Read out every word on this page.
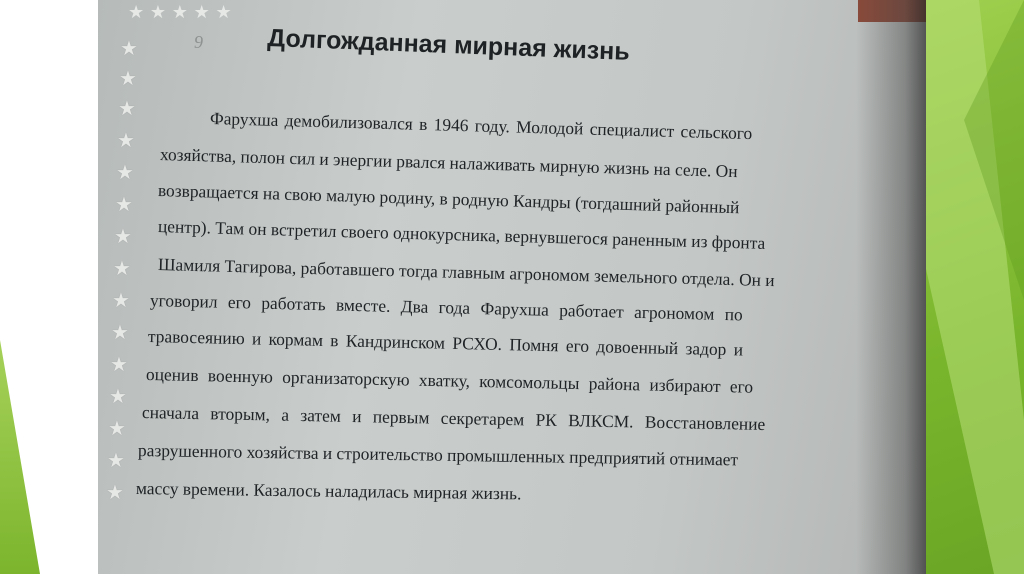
★ ★ ★ ★ ★
★
★
★
★
★
★
★
★
★
★
★
★
★
★
★
9	Долгожданная мирная жизнь
Фарухша демобилизовался в 1946 году. Молодой специалист сельского
хозяйства, полон сил и энергии рвался налаживать мирную жизнь на селе. Он
возвращается на свою малую родину, в родную Кандры (тогдашний районный
центр). Там он встретил своего однокурсника, вернувшегося раненным из фронта
Шамиля Тагирова, работавшего тогда главным агрономом земельного отдела. Он и
уговорил его работать вместе. Два года Фарухша работает агрономом по
травосеянию и кормам в Кандринском РСХО. Помня его довоенный задор и
оценив военную организаторскую хватку, комсомольцы района избирают его
сначала вторым, а затем и первым секретарем РК ВЛКСМ. Восстановление
разрушенного хозяйства и строительство промышленных предприятий отнимает
массу времени. Казалось наладилась мирная жизнь.
